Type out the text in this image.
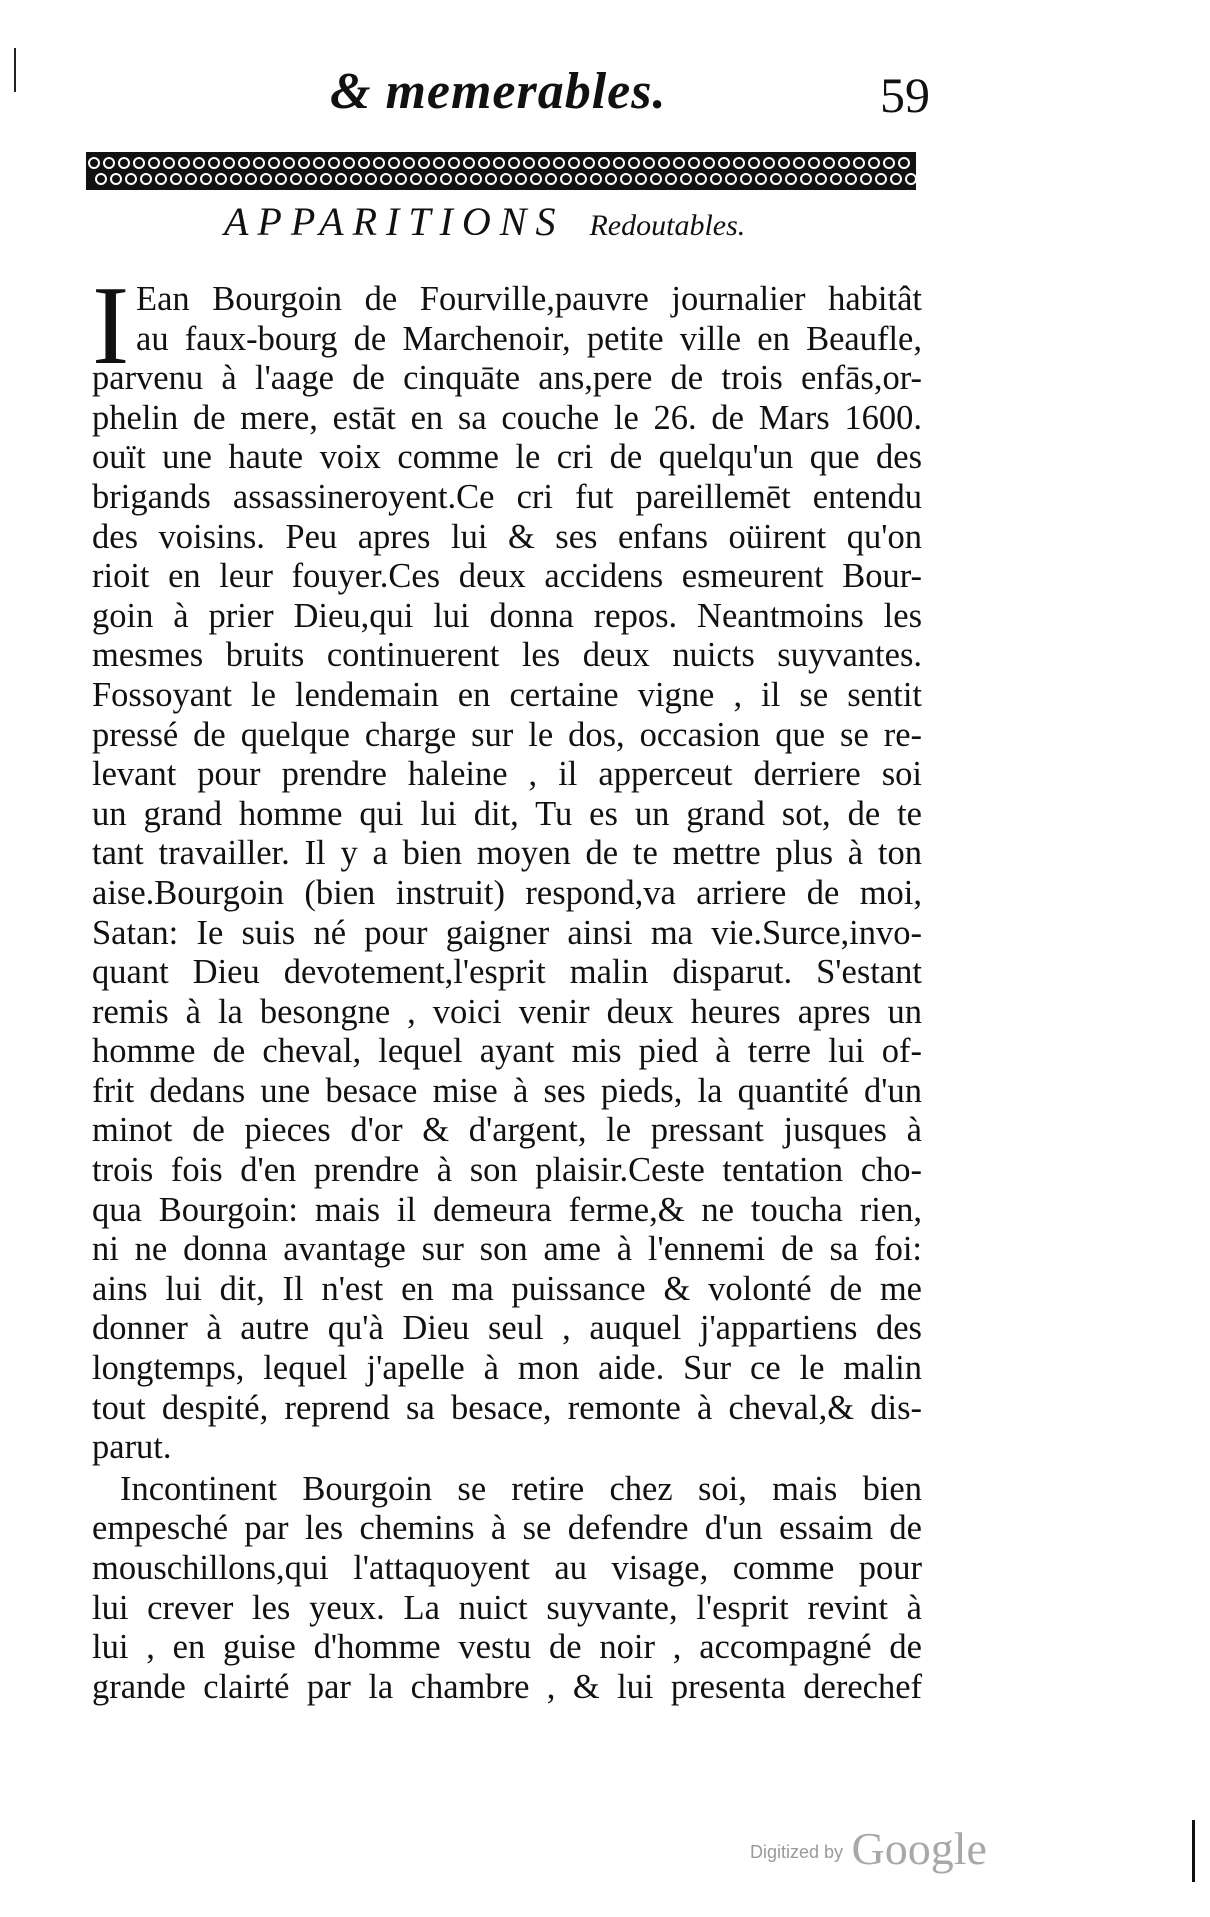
& memerables.	59
APPARITIONS Redoutables.
I Ean Bourgoin de Fourville,pauvre journalier habitât
au faux-bourg de Marchenoir, petite ville en Beaufle,
parvenu à l'aage de cinquāte ans,pere de trois enfās,or-
phelin de mere, estāt en sa couche le 26. de Mars 1600.
ouït une haute voix comme le cri de quelqu'un que des
brigands assassineroyent.Ce cri fut pareillemēt entendu
des voisins. Peu apres lui & ses enfans oüirent qu'on
rioit en leur fouyer.Ces deux accidens esmeurent Bour-
goin à prier Dieu,qui lui donna repos. Neantmoins les
mesmes bruits continuerent les deux nuicts suyvantes.
Fossoyant le lendemain en certaine vigne , il se sentit
pressé de quelque charge sur le dos, occasion que se re-
levant pour prendre haleine , il apperceut derriere soi
un grand homme qui lui dit, Tu es un grand sot, de te
tant travailler. Il y a bien moyen de te mettre plus à ton
aise.Bourgoin (bien instruit) respond,va arriere de moi,
Satan: Ie suis né pour gaigner ainsi ma vie.Surce,invo-
quant Dieu devotement,l'esprit malin disparut. S'estant
remis à la besongne , voici venir deux heures apres un
homme de cheval, lequel ayant mis pied à terre lui of-
frit dedans une besace mise à ses pieds, la quantité d'un
minot de pieces d'or & d'argent, le pressant jusques à
trois fois d'en prendre à son plaisir.Ceste tentation cho-
qua Bourgoin: mais il demeura ferme,& ne toucha rien,
ni ne donna avantage sur son ame à l'ennemi de sa foi:
ains lui dit, Il n'est en ma puissance & volonté de me
donner à autre qu'à Dieu seul , auquel j'appartiens des
longtemps, lequel j'apelle à mon aide. Sur ce le malin
tout despité, reprend sa besace, remonte à cheval,& dis-
parut.
Incontinent Bourgoin se retire chez soi, mais bien
empesché par les chemins à se defendre d'un essaim de
mouschillons,qui l'attaquoyent au visage, comme pour
lui crever les yeux. La nuict suyvante, l'esprit revint à
lui , en guise d'homme vestu de noir , accompagné de
grande clairté par la chambre , & lui presenta derechef
Digitized by Google
